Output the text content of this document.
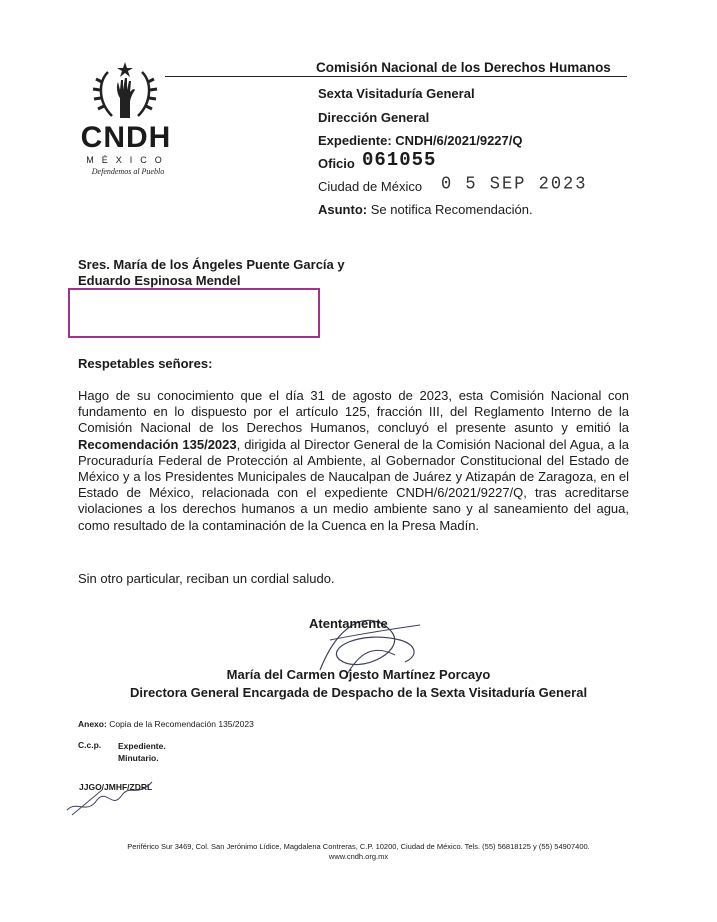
CNDH
MÉXICO
Defendemos al Pueblo
Comisión Nacional de los Derechos Humanos
Sexta Visitaduría General
Dirección General
Expediente: CNDH/6/2021/9227/Q
Oficio 061055
Ciudad de México 0 5 SEP 2023
Asunto: Se notifica Recomendación.
Sres. María de los Ángeles Puente García y
Eduardo Espinosa Mendel
Respetables señores:
Hago de su conocimiento que el día 31 de agosto de 2023, esta Comisión Nacional con fundamento en lo dispuesto por el artículo 125, fracción III, del Reglamento Interno de la Comisión Nacional de los Derechos Humanos, concluyó el presente asunto y emitió la Recomendación 135/2023, dirigida al Director General de la Comisión Nacional del Agua, a la Procuraduría Federal de Protección al Ambiente, al Gobernador Constitucional del Estado de México y a los Presidentes Municipales de Naucalpan de Juárez y Atizapán de Zaragoza, en el Estado de México, relacionada con el expediente CNDH/6/2021/9227/Q, tras acreditarse violaciones a los derechos humanos a un medio ambiente sano y al saneamiento del agua, como resultado de la contaminación de la Cuenca en la Presa Madín.
Sin otro particular, reciban un cordial saludo.
Atentamente
María del Carmen Ojesto Martínez Porcayo
Directora General Encargada de Despacho de la Sexta Visitaduría General
Anexo: Copia de la Recomendación 135/2023
C.c.p. Expediente.
Minutario.
JJGO/JMHF/ZDRL
Periférico Sur 3469, Col. San Jerónimo Lídice, Magdalena Contreras, C.P. 10200, Ciudad de México. Tels. (55) 56818125 y (55) 54907400.
www.cndh.org.mx
